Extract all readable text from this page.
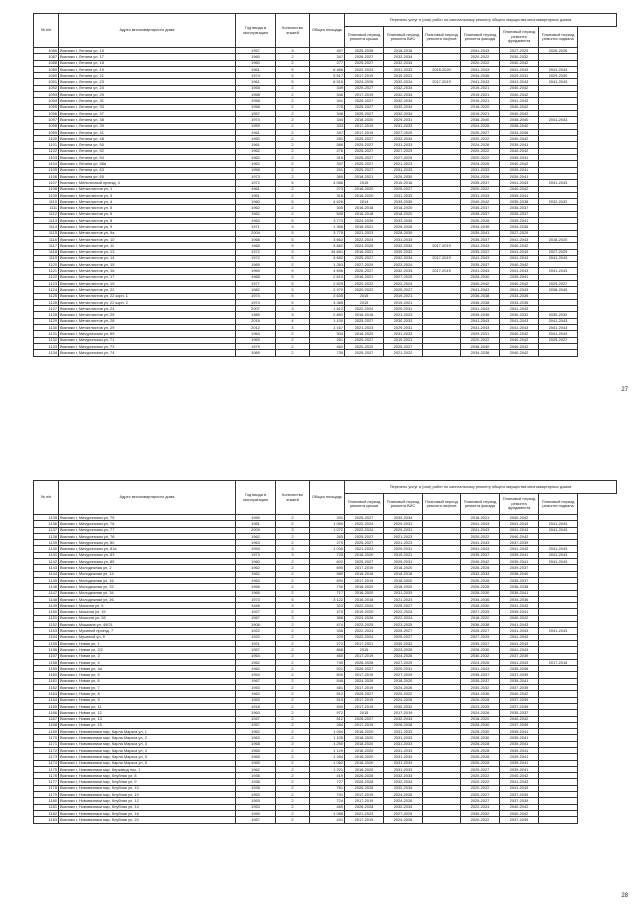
№ п/п	Адрес многоквартирного дома	Год ввода в эксплуатацию	Количество этажей	Общая площадь	Перечень услуг и (или) работ по капитальному ремонту общего имущества многоквартирных домов					
					Плановый период ремонта крыши	Плановый период ремонта ВИС	Плановый период ремонта лифтов	Плановый период ремонта фасада	Плановый период ремонта фундамента	Плановый период ремонта подвала
1086	Вязники г, Ленина ул, 15	1957	3	457	2026-2028	2018-2018		2041-2043	2027-2029	2026-2026
1087	Вязники г, Ленина ул, 17	1960	2	347	2026-2027	2032-2034		2020-2022	2030-2032	
1088	Вязники г, Ленина ул, 18	1960	2	277	2025-2027	2032-2034		2020-2022	2040-2042	
1089	Вязники г, Ленина ул, 19	1961	5	6 466	2022-2024	2031-2033	2018-2020	2041-2043	2041-2043	2041-2043
1090	Вязники г, Ленина ул, 21	1974	5	5 517	2017-2019	2019-2021		2034-2036	2029-2031	2029-2030
1091	Вязники г, Ленина ул, 23	1961	5	6 516	2024-2026	2032-2034	2017-2019	2041-2043	2041-2043	2041-2043
1092	Вязники г, Ленина ул, 24	1958	2	349	2025-2027	2032-2034		2019-2021	2040-2042	
1093	Вязники г, Ленина ул, 25	1958	2	346	2017-2019	2032-2034		2019-2021	2040-2042	
1094	Вязники г, Ленина ул, 31	1958	2	341	2025-2027	2032-2034		2019-2021	2041-2043	
1095	Вязники г, Ленина ул, 33	1958	2	275	2025-2027	2032-2034		2018-2020	2040-2042	
1096	Вязники г, Ленина ул, 37	1957	2	346	2025-2027	2032-2034		2019-2021	2040-2042	
1097	Вязники г, Ленина ул, 38	1974	2	344	2018-2020	2029-2031		2038-2040	2038-2040	2041-2043
1098	Вязники г, Ленина ул, 39	1959	2	333	2017-2019	2031-2033		2024-2026	2038-2040	
1099	Вязники г, Ленина ул, 41	1961	2	347	2017-2019	2027-2029		2026-2027	2034-2036	
1100	Вязники г, Ленина ул, 48	1960	2	281	2025-2027	2032-2034		2020-2022	2040-2042	
1101	Вязники г, Ленина ул, 50	1961	2	586	2025-2027	2031-2033		2024-2026	2039-2041	
1102	Вязники г, Ленина ул, 52	1962	2	276	2025-2027	2027-2029		2020-2022	2040-2042	
1103	Вязники г, Ленина ул, 54	1962	2	315	2025-2027	2027-2029		2020-2022	2039-2041	
1104	Вязники г, Ленина ул, 56а	1962	2	337	2025-2027	2021-2023		2024-2026	2040-2042	
1105	Вязники г, Ленина ул, 63	1958	2	251	2025-2027	2031-2033		2031-2033	2039-2041	
1106	Вязники г, Ленина ул, 65	1973	2	380	2018-2021	2029-2030		2024-2026	2039-2041	
1107	Вязники г, Мельничный проезд, 4	1972	5	4 086	2015	2015-2016		2035-2037	2041-2043	2041-2043
1108	Вязники г, Металлистов ул, 1	1961	2	273	2018-2020	2025-2027		2020-2022	2040-2042	
1109	Вязники г, Металлистов ул, 3	1961	2	316	2018-2020	2031-2033		2031-2033	2039-2041	
1110	Вязники г, Металлистов ул, 4	1960	5	4 626	2014	2033-2035		2040-2042	2035-2038	2032-2032
1111	Вязники г, Металлистов ул, 5	1962	2	305	2016-2018	2018-2020		2035-2037	2035-2037	
1112	Вязники г, Металлистов ул, 6	1962	2	545	2016-2018	2018-2020		2035-2037	2035-2037	
1113	Вязники г, Металлистов ул, 8	1963	5	3 773	2024-2026	2033-2035		2026-2028	2039-2041	
1114	Вязники г, Металлистов ул, 9	1971	3	1 368	2018-2021	2026-2028		2034-2036	2034-2036	
1115	Вязники г, Металлистов ул, 9а	2004	5	3 775	2021-2023	2028-2030		2039-2041	2027-2029	
1116	Вязники г, Металлистов ул, 10	1968	5	3 662	2022-2024	2031-2033		2035-2037	2041-2043	2018-2020
1117	Вязники г, Металлистов ул, 11	1968	9	4 862	2024-2026	2032-2034	2017-2019	2041-2043	2040-2042	
1118	Вязники г, Металлистов ул, 13	1972	9	44 661	2016-2021	2030-2032		2035-2037	2041-2043	2027-2029
1119	Вязники г, Металлистов ул, 14	1972	9	4 682	2025-2027	2032-2034	2017-2019	2041-2043	2041-2043	2041-2043
1120	Вязники г, Металлистов ул, 15	1969	2	1 263	2027-2029	2022-2024		2035-2037	2040-2042	
1121	Вязники г, Металлистов ул, 16	1969	9	4 696	2025-2027	2032-2034	2017-2019	2041-2043	2041-2043	2041-2043
1122	Вязники г, Металлистов ул, 17	1968	5	2 610	2016-2021	2027-2029		2028-2030	2039-2041	
1123	Вязники г, Металлистов ул, 19	1977	5	2 829	2020-2022	2022-2024		2040-2042	2040-2042	2025-2027
1124	Вязники г, Металлистов ул, 22	1982	3	2 970	2020-2022	2025-2027		2041-2043	2041-2043	2038-2040
1125	Вязники г, Металлистов ул, 22 корп. 1	1974	5	2 635	2015	2019-2021		2036-2038	2033-2035	
1126	Вязники г, Металлистов ул, 22 корп. 2	1974	5	3 385	2015	2019-2021		2036-2038	2033-2035	
1127	Вязники г, Металлистов ул, 24	2007	3	1 812	2022-2024	2029-2031		2041-2043	2041-2043	
1128	Вязники г, Металлистов ул, 25	1985	3	2 892	2016-2018	2021-2023		2035-2036	2030-2032	2030-2032
1129	Вязники г, Металлистов ул, 28	2016	4	1 100	2025-2027	2030-2033		2041-2043	2041-2043	2041-2043
1130	Вязники г, Металлистов ул, 29	2012	3	1 167	2021-2023	2029-2031		2041-2043	2041-2043	2041-2043
1131	Вязники г, Мичуринская ул, 69	1964	2	304	2018-2020	2031-2033		2029-2031	2040-2042	2041-2043
1132	Вязники г, Мичуринская ул, 71	1969	2	261	2025-2027	2019-2021		2020-2022	2040-2042	2025-2027
1133	Вязники г, Мичуринская ул, 73	1979	2	462	2020-2022	2025-2027		2038-2040	2040-2042	
1134	Вязники г, Мичуринская ул, 74	1989	2	730	2025-2027	2021-2022		2034-2036	2040-2042	
27
№ п/п	Адрес многоквартирного дома	Год ввода в эксплуатацию	Количество этажей	Общая площадь	Перечень услуг и (или) работ по капитальному ремонту общего имущества многоквартирных домов					
					Плановый период ремонта крыши	Плановый период ремонта ВИС	Плановый период ремонта лифтов	Плановый период ремонта фасада	Плановый период ремонта фундамента	Плановый период ремонта подвала
1135	Вязники г, Мичуринская ул, 75	1955	2	331	2025-2027	2032-2034		2018-2021	2040-2042	
1136	Вязники г, Мичуринская ул, 76	1981	2	1 069	2022-2024	2029-2031		2041-2043	2041-2043	2041-2043
1137	Вязники г, Мичуринская ул, 77	2009	3	1 072	2022-2024	2029-2031		2041-2043	2041-2043	2041-2043
1138	Вязники г, Мичуринская ул, 78	1962	2	283	2025-2027	2021-2023		2020-2022	2040-2042	
1139	Вязники г, Мичуринская ул, 80	1963	2	279	2025-2027	2021-2023		2041-2043	2037-2039	
1140	Вязники г, Мичуринская ул, 81а	1994	3	1 030	2021-2023	2029-2031		2041-2043	2041-2043	2041-2043
1141	Вязники г, Мичуринская ул, 83	1973	3	725	2018-2020	2019-2021		2035-2037	2039-2041	2041-2043
1142	Вязники г, Мичуринская ул, 85	1960	2	602	2025-2027	2029-2031		2040-2042	2039-2041	2041-2043
1143	Вязники г, Молодежная ул, 2	1962	2	690	2017-2019	2018-2020		2026-2028	2039-2037	
1144	Вязники г, Молодежная ул, 14	1962	2	589	2016-2018	2016-2018		2032-2034	2038-2040	
1145	Вязники г, Молодежная ул, 16	1963	2	690	2017-2019	2018-2020		2026-2028	2035-2037	
1146	Вязники г, Молодежная ул, 22	1966	2	730	2018-2020	2018-2020		2026-2028	2036-2038	
1147	Вязники г, Молодежная ул, 34	1966	2	717	2018-2020	2031-2033		2028-2030	2039-2041	
1148	Вязники г, Молодежная ул, 26	1973	5	3 122	2016-2018	2021-2023		2034-2036	2034-2036	
1149	Вязники г, Мошина ул, 5	1946	3	323	2022-2024	2025-2027		2028-2030	2041-2043	
1150	Вязники г, Мошина ул, 19	1927	2	470	2019-2020	2022-2024		2027-2029	2039-2041	
1151	Вязники г, Мошина ул, 28	1967	3	368	2024-2026	2022-2024		2018-2020	2040-2042	
1152	Вязники г, Мошкина ул, 49/21	1906	2	474	2023-2025	2023-2025		2036-2038	2041-2043	
1153	Вязники г, Мусиный проезд, 7	1922	2	336	2022-2024	2025-2027		2025-2027	2041-2043	2041-2043
1154	Вязники г, Мусиный ул, 9	1920	2	229	2022-2024	2025-2027		2027-2029	2041-2043	
1155	Вязники г, Новая ул, 1	1921	2	272	2017-2021	2030-2032		2035-2037	2041-2043	
1156	Вязники г, Новая ул, 2/2	1957	2	868	2015	2023-2025		2028-2030	2041-2043	
1157	Вязники г, Новая ул, 3	1954	2	460	2017-2019	2024-2026		2030-2032	2037-2039	
1158	Вязники г, Новая ул, 4	1962	2	730	2026-2028	2027-2029		2024-2026	2041-2043	2017-2018
1159	Вязники г, Новая ул, 4а	1962	2	521	2026-2027	2029-2031		2041-2043	2035-2036	
1160	Вязники г, Новая ул, 5	1954	2	500	2017-2019	2027-2029		2035-2037	2037-2039	
1161	Вязники г, Новая ул, 6	1967	2	546	2024-2026	2018-2020		2035-2037	2039-2041	
1162	Вязники г, Новая ул, 7	1953	2	481	2017-2019	2024-2026		2030-2032	2037-2039	
1163	Вязники г, Новая ул, 8	1962	2	512	2025-2027	2020-2022		2034-2036	2040-2042	
1164	Вязники г, Новая ул, 9	1953	2	515	2017-2019	2024-2026		2026-2028	2037-2039	
1165	Вязники г, Новая ул, 11	1918	2	530	2017-2019	2030-2032		2023-2025	2037-2039	
1166	Вязники г, Новая ул, 12	1963	2	972	2015	2017-2019		2024-2026	2035-2037	
1167	Вязники г, Новая ул, 13	1947	2	512	2026-2027	2032-2034		2018-2020	2040-2042	
1168	Вязники г, Новая ул, 15	1957	2	284	2017-2019	2026-2028		2028-2030	2037-2039	
1169	Вязники г, Нововязники мкр, Карла Маркса ул, 1	1962	2	1 054	2018-2020	2031-2033		2028-2030	2039-2041	
1170	Вязники г, Нововязники мкр, Карла Маркса ул, 2	1963	2	1 105	2018-2020	2031-2033		2028-2030	2039-2041	
1171	Вязники г, Нововязники мкр, Карла Маркса ул, 3	1968	2	1 250	2018-2020	2031-2033		2026-2028	2039-2041	
1172	Вязники г, Нововязники мкр, Карла Маркса ул, 4	1965	2	1 129	2018-2020	2031-2033		2026-2028	2039-2041	
1173	Вязники г, Нововязники мкр, Карла Маркса ул, 5	1965	2	1 264	2018-2020	2031-2033		2026-2028	2039-2041	
1174	Вязники г, Нововязники мкр, Карла Маркса ул, 6	1965	2	1 062	2018-2020	2031-2033		2026-2028	2039-2041	
1175	Вязники г, Нововязники мкр, Кирзавод пос, 1	1962	2	1 221	2018-2020	2031-2033		2025-2027	2039-2041	
1176	Вязники г, Нововязники мкр, Клубная ул, 8	1936	2	419	2026-2028	2032-2034		2020-2022	2040-2042	
1177	Вязники г, Нововязники мкр, Клубная ул, 9	1938	2	727	2026-2028	2032-2034		2020-2022	2041-2043	
1178	Вязники г, Нововязники мкр, Клубная ул, 10	1938	2	761	2026-2028	2032-2034		2020-2022	2041-2043	
1179	Вязники г, Нововязники мкр, Клубная ул, 10	1953	2	741	2017-2019	2024-2026		2025-2027	2037-2039	
1180	Вязники г, Нововязники мкр, Клубная ул, 12	1953	2	724	2017-2019	2024-2026		2025-2027	2037-2039	
1181	Вязники г, Нововязники мкр, Клубная ул, 14	1953	2	469	2026-2028	2032-2034		2022-2024	2040-2042	
1182	Вязники г, Нововязники мкр, Клубная ул, 16	1955	2	1 086	2021-2023	2027-2029		2030-2032	2040-2042	
1183	Вязники г, Нововязники мкр, Клубная ул, 20	1957	2	431	2017-2019	2024-2026		2020-2022	2037-2039	
28
